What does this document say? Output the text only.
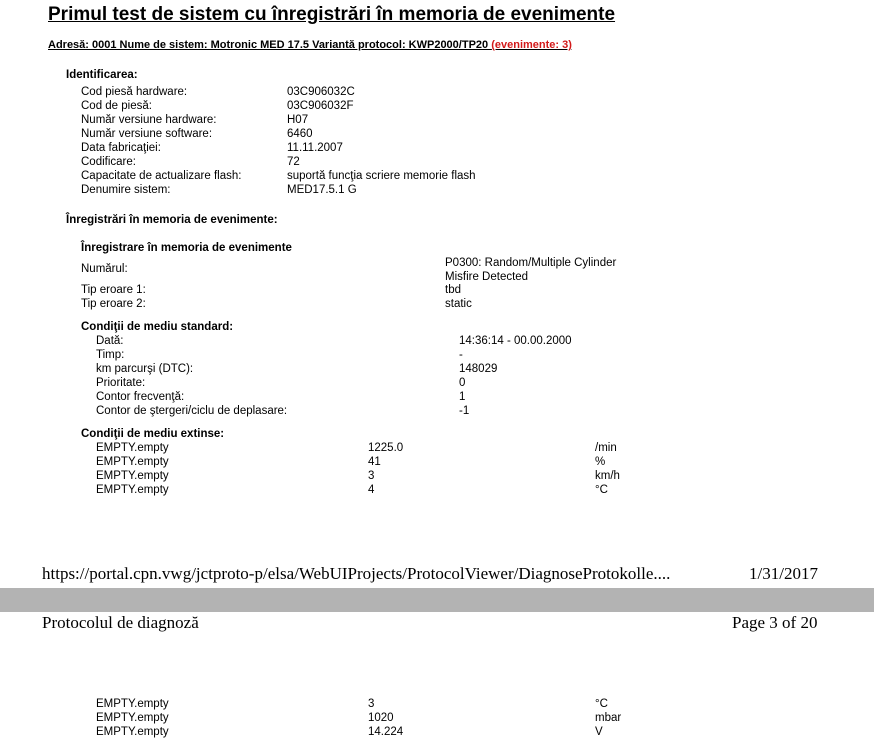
Primul test de sistem cu înregistrări în memoria de evenimente
Adresă: 0001 Nume de sistem: Motronic MED 17.5 Variantă protocol: KWP2000/TP20 (evenimente: 3)
Identificarea:
Cod piesă hardware:	03C906032C
Cod de piesă:	03C906032F
Număr versiune hardware:	H07
Număr versiune software:	6460
Data fabricaţiei:	11.11.2007
Codificare:	72
Capacitate de actualizare flash:	suportă funcţia scriere memorie flash
Denumire sistem:	MED17.5.1 G
Înregistrări în memoria de evenimente:
Înregistrare în memoria de evenimente
Numărul:	P0300: Random/Multiple Cylinder
Misfire Detected
Tip eroare 1:	tbd
Tip eroare 2:	static
Condiţii de mediu standard:
Dată:	14:36:14 - 00.00.2000
Timp:	-
km parcurşi (DTC):	148029
Prioritate:	0
Contor frecvenţă:	1
Contor de ştergeri/ciclu de deplasare:	-1
Condiţii de mediu extinse:
EMPTY.empty	1225.0	/min
EMPTY.empty	41	%
EMPTY.empty	3	km/h
EMPTY.empty	4	°C
https://portal.cpn.vwg/jctproto-p/elsa/WebUIProjects/ProtocolViewer/DiagnoseProtokolle....	1/31/2017
Protocolul de diagnoză	Page 3 of 20
EMPTY.empty	3	°C
EMPTY.empty	1020	mbar
EMPTY.empty	14.224	V
